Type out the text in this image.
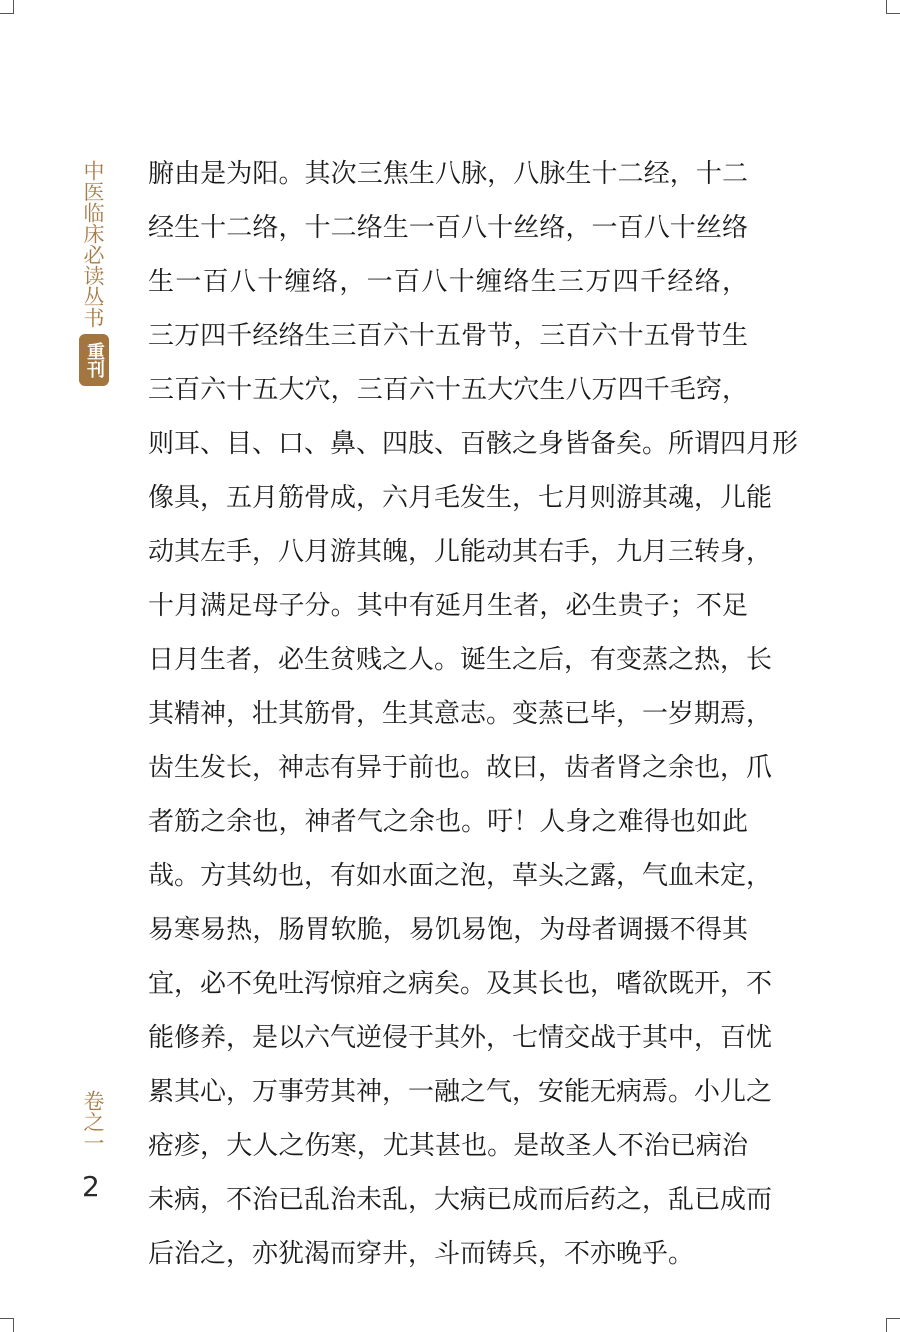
中医临床必读丛书
重刊
卷之一
2
腑由是为阳。其次三焦生八脉，八脉生十二经，十二
经生十二络，十二络生一百八十丝络，一百八十丝络
生一百八十缠络，一百八十缠络生三万四千经络，
三万四千经络生三百六十五骨节，三百六十五骨节生
三百六十五大穴，三百六十五大穴生八万四千毛窍，
则耳、目、口、鼻、四肢、百骸之身皆备矣。所谓四月形
像具，五月筋骨成，六月毛发生，七月则游其魂，儿能
动其左手，八月游其魄，儿能动其右手，九月三转身，
十月满足母子分。其中有延月生者，必生贵子；不足
日月生者，必生贫贱之人。诞生之后，有变蒸之热，长
其精神，壮其筋骨，生其意志。变蒸已毕，一岁期焉，
齿生发长，神志有异于前也。故曰，齿者肾之余也，爪
者筋之余也，神者气之余也。吁！人身之难得也如此
哉。方其幼也，有如水面之泡，草头之露，气血未定，
易寒易热，肠胃软脆，易饥易饱，为母者调摄不得其
宜，必不免吐泻惊疳之病矣。及其长也，嗜欲既开，不
能修养，是以六气逆侵于其外，七情交战于其中，百忧
累其心，万事劳其神，一融之气，安能无病焉。小儿之
疮疹，大人之伤寒，尤其甚也。是故圣人不治已病治
未病，不治已乱治未乱，大病已成而后药之，乱已成而
后治之，亦犹渴而穿井，斗而铸兵，不亦晚乎。
